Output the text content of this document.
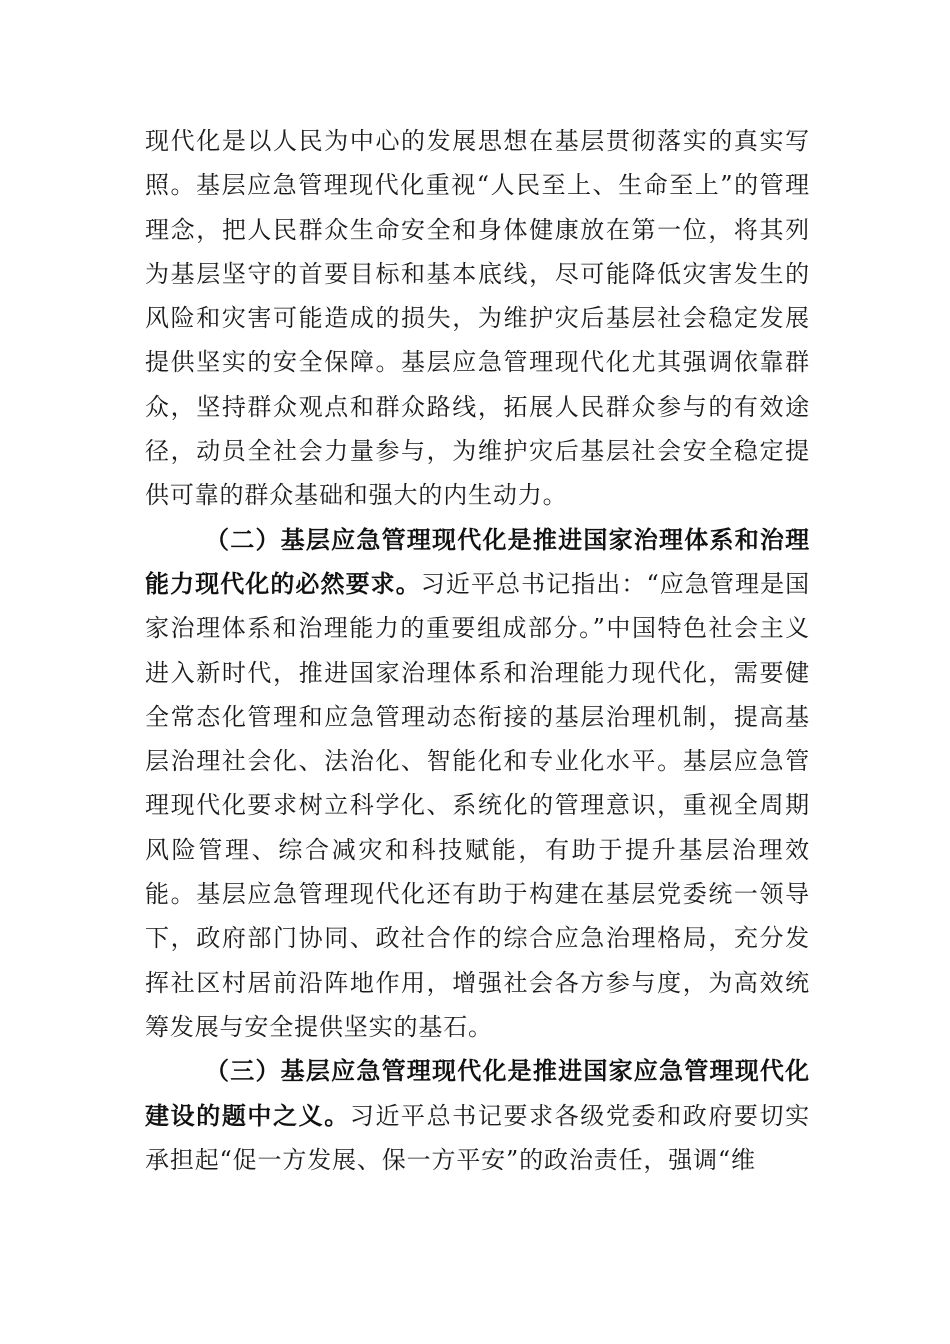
现代化是以人民为中心的发展思想在基层贯彻落实的真实写照。基层应急管理现代化重视“人民至上、生命至上”的管理理念，把人民群众生命安全和身体健康放在第一位，将其列为基层坚守的首要目标和基本底线，尽可能降低灾害发生的风险和灾害可能造成的损失，为维护灾后基层社会稳定发展提供坚实的安全保障。基层应急管理现代化尤其强调依靠群众，坚持群众观点和群众路线，拓展人民群众参与的有效途径，动员全社会力量参与，为维护灾后基层社会安全稳定提供可靠的群众基础和强大的内生动力。

（二）基层应急管理现代化是推进国家治理体系和治理能力现代化的必然要求。习近平总书记指出：“应急管理是国家治理体系和治理能力的重要组成部分。”中国特色社会主义进入新时代，推进国家治理体系和治理能力现代化，需要健全常态化管理和应急管理动态衔接的基层治理机制，提高基层治理社会化、法治化、智能化和专业化水平。基层应急管理现代化要求树立科学化、系统化的管理意识，重视全周期风险管理、综合减灾和科技赋能，有助于提升基层治理效能。基层应急管理现代化还有助于构建在基层党委统一领导下，政府部门协同、政社合作的综合应急治理格局，充分发挥社区村居前沿阵地作用，增强社会各方参与度，为高效统筹发展与安全提供坚实的基石。

（三）基层应急管理现代化是推进国家应急管理现代化建设的题中之义。习近平总书记要求各级党委和政府要切实承担起“促一方发展、保一方平安”的政治责任，强调“维
